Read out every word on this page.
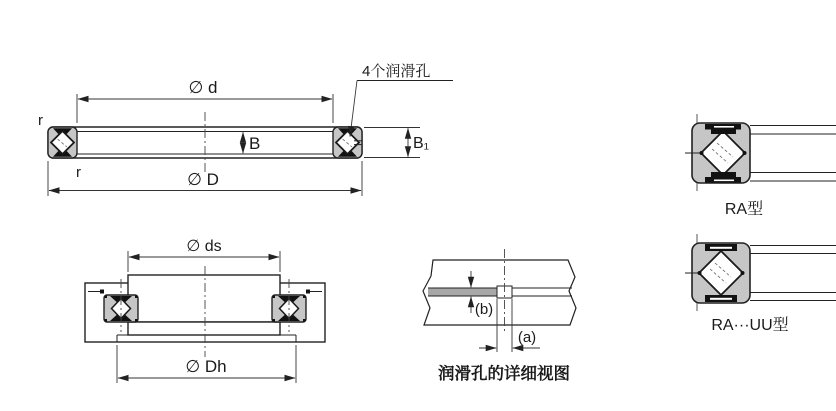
∅ d
∅ D
B	B₁
r
r
4个润滑孔
∅ ds
∅ Dh
(b)
(a)
润滑孔的详细视图
RA型
RA···UU型
